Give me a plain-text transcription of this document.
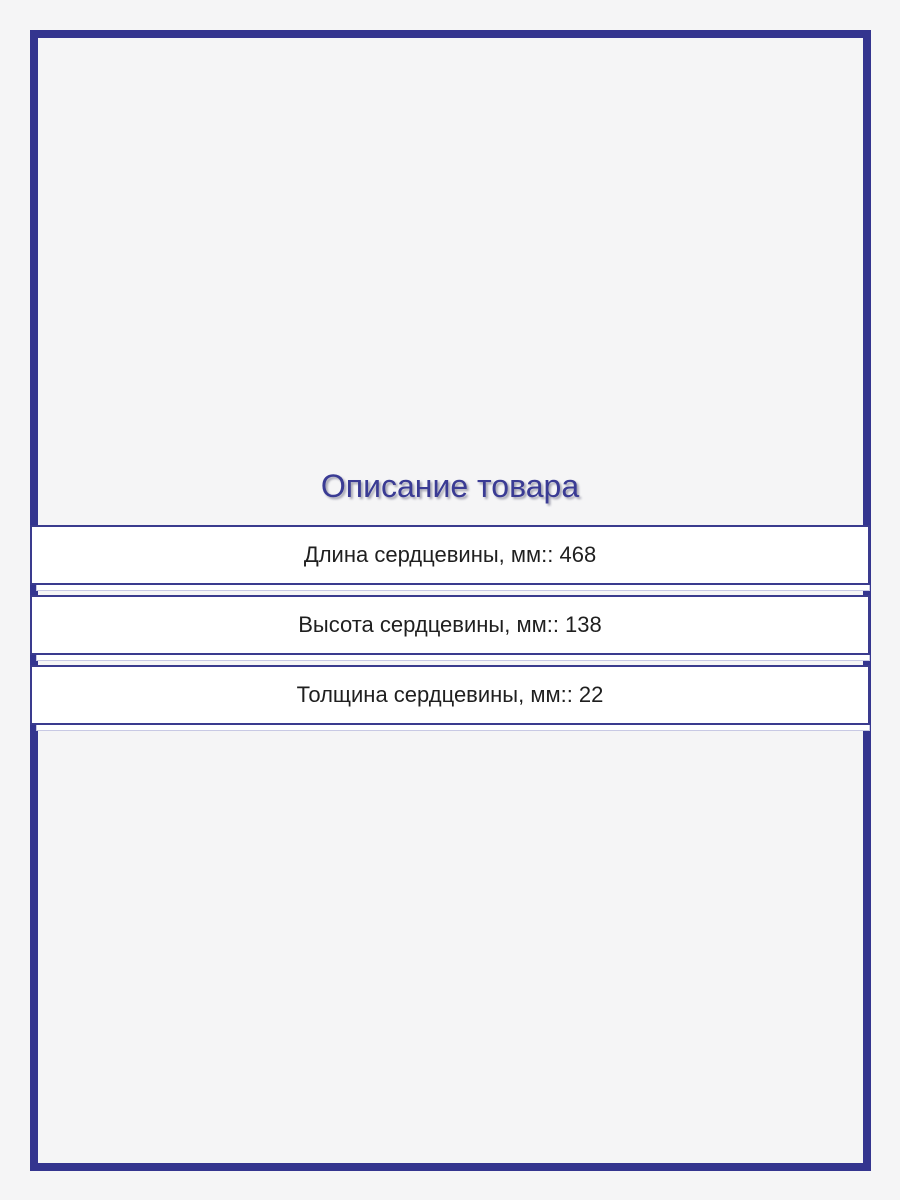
Описание товара
Длина сердцевины, мм:: 468
Высота сердцевины, мм:: 138
Толщина сердцевины, мм:: 22
